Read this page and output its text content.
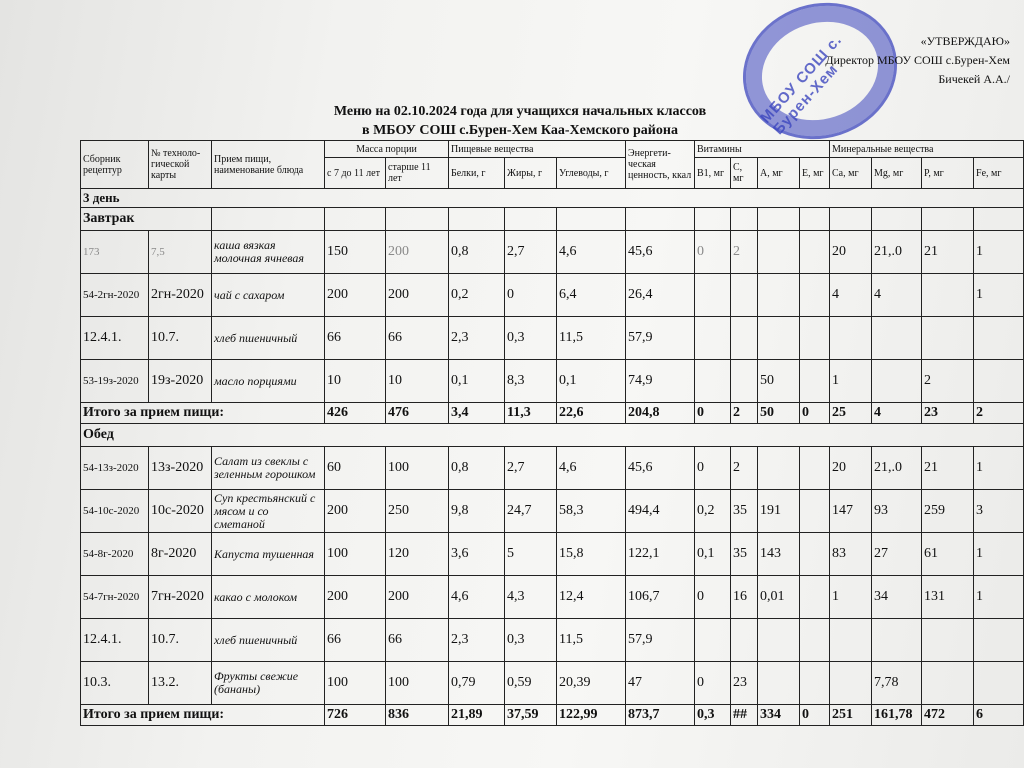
МБОУ СОШ с. Бурен-Хем
«УТВЕРЖДАЮ»
Директор МБОУ СОШ с.Бурен-Хем
Бичекей А.А./
Меню на 02.10.2024 года для учащихся начальных классов
в МБОУ СОШ с.Бурен-Хем Каа-Хемского района
Сборник рецептур	№ техноло-гической карты	Прием пищи, наименование блюда	Масса порции		Пищевые вещества			Энергети-ческая ценность, ккал	Витамины				Минеральные вещества			
			с 7 до 11 лет	старше 11 лет	Белки, г	Жиры, г	Углеводы, г		В1, мг	С, мг	А, мг	Е, мг	Са, мг	Mg, мг	Р, мг	Fe, мг
3 день																
Завтрак																
173	7,5	каша вязкая молочная ячневая	150	200	0,8	2,7	4,6	45,6	0	2			20	21,.0	21	1
54-2гн-2020	2гн-2020	чай с сахаром	200	200	0,2	0	6,4	26,4					4	4		1
12.4.1.	10.7.	хлеб пшеничный	66	66	2,3	0,3	11,5	57,9								
53-19з-2020	19з-2020	масло порциями	10	10	0,1	8,3	0,1	74,9			50		1		2	
Итого за прием пищи:			426	476	3,4	11,3	22,6	204,8	0	2	50	0	25	4	23	2
Обед																
54-13з-2020	13з-2020	Салат из свеклы с зеленным горошком	60	100	0,8	2,7	4,6	45,6	0	2			20	21,.0	21	1
54-10с-2020	10с-2020	Суп крестьянский с мясом и со сметаной	200	250	9,8	24,7	58,3	494,4	0,2	35	191		147	93	259	3
54-8г-2020	8г-2020	Капуста тушенная	100	120	3,6	5	15,8	122,1	0,1	35	143		83	27	61	1
54-7гн-2020	7гн-2020	какао с молоком	200	200	4,6	4,3	12,4	106,7	0	16	0,01		1	34	131	1
12.4.1.	10.7.	хлеб пшеничный	66	66	2,3	0,3	11,5	57,9								
10.3.	13.2.	Фрукты свежие (бананы)	100	100	0,79	0,59	20,39	47	0	23				7,78		
Итого за прием пищи:			726	836	21,89	37,59	122,99	873,7	0,3	##	334	0	251	161,78	472	6
